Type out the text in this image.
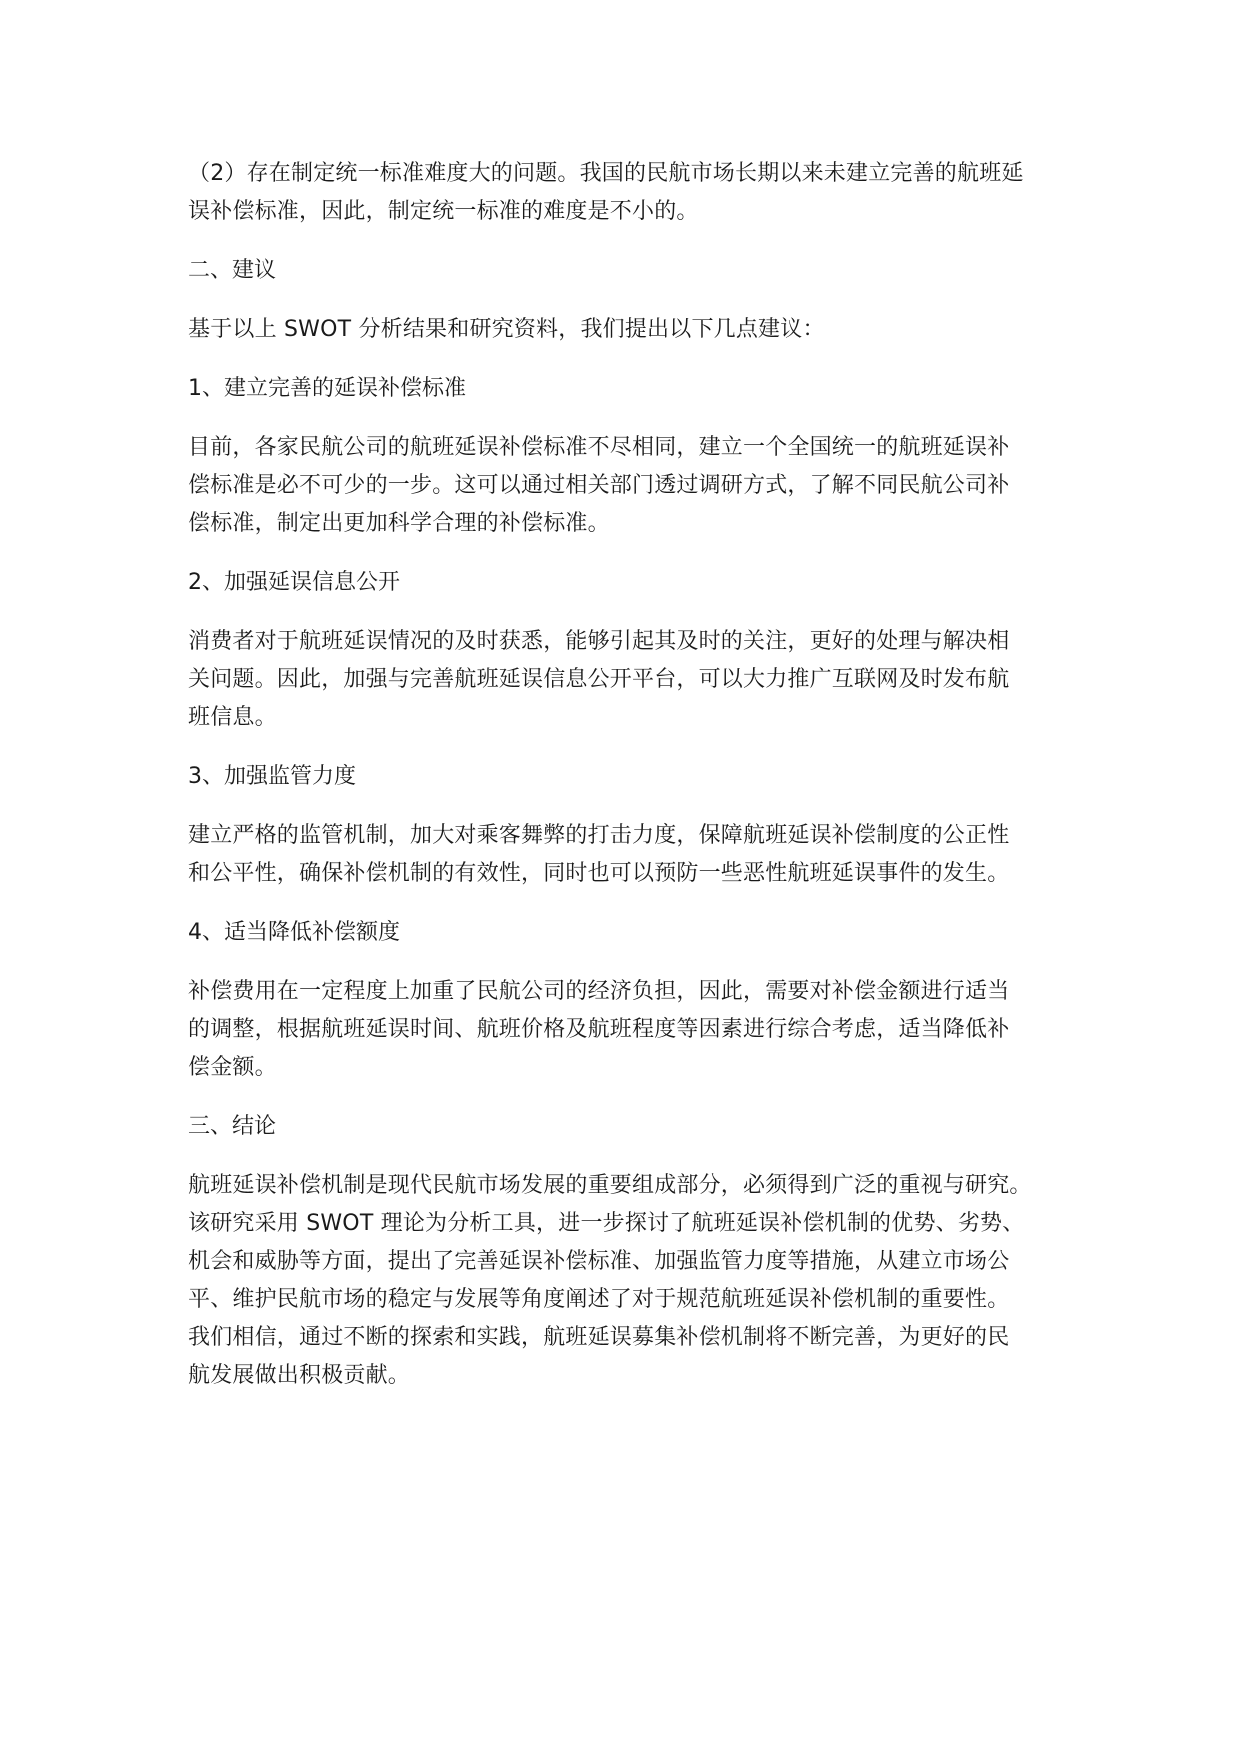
（2）存在制定统一标准难度大的问题。我国的民航市场长期以来未建立完善的航班延
误补偿标准，因此，制定统一标准的难度是不小的。
二、建议
基于以上 SWOT 分析结果和研究资料，我们提出以下几点建议：
1、建立完善的延误补偿标准
目前，各家民航公司的航班延误补偿标准不尽相同，建立一个全国统一的航班延误补
偿标准是必不可少的一步。这可以通过相关部门透过调研方式，了解不同民航公司补
偿标准，制定出更加科学合理的补偿标准。
2、加强延误信息公开
消费者对于航班延误情况的及时获悉，能够引起其及时的关注，更好的处理与解决相
关问题。因此，加强与完善航班延误信息公开平台，可以大力推广互联网及时发布航
班信息。
3、加强监管力度
建立严格的监管机制，加大对乘客舞弊的打击力度，保障航班延误补偿制度的公正性
和公平性，确保补偿机制的有效性，同时也可以预防一些恶性航班延误事件的发生。
4、适当降低补偿额度
补偿费用在一定程度上加重了民航公司的经济负担，因此，需要对补偿金额进行适当
的调整，根据航班延误时间、航班价格及航班程度等因素进行综合考虑，适当降低补
偿金额。
三、结论
航班延误补偿机制是现代民航市场发展的重要组成部分，必须得到广泛的重视与研究。
该研究采用 SWOT 理论为分析工具，进一步探讨了航班延误补偿机制的优势、劣势、
机会和威胁等方面，提出了完善延误补偿标准、加强监管力度等措施，从建立市场公
平、维护民航市场的稳定与发展等角度阐述了对于规范航班延误补偿机制的重要性。
我们相信，通过不断的探索和实践，航班延误募集补偿机制将不断完善，为更好的民
航发展做出积极贡献。
